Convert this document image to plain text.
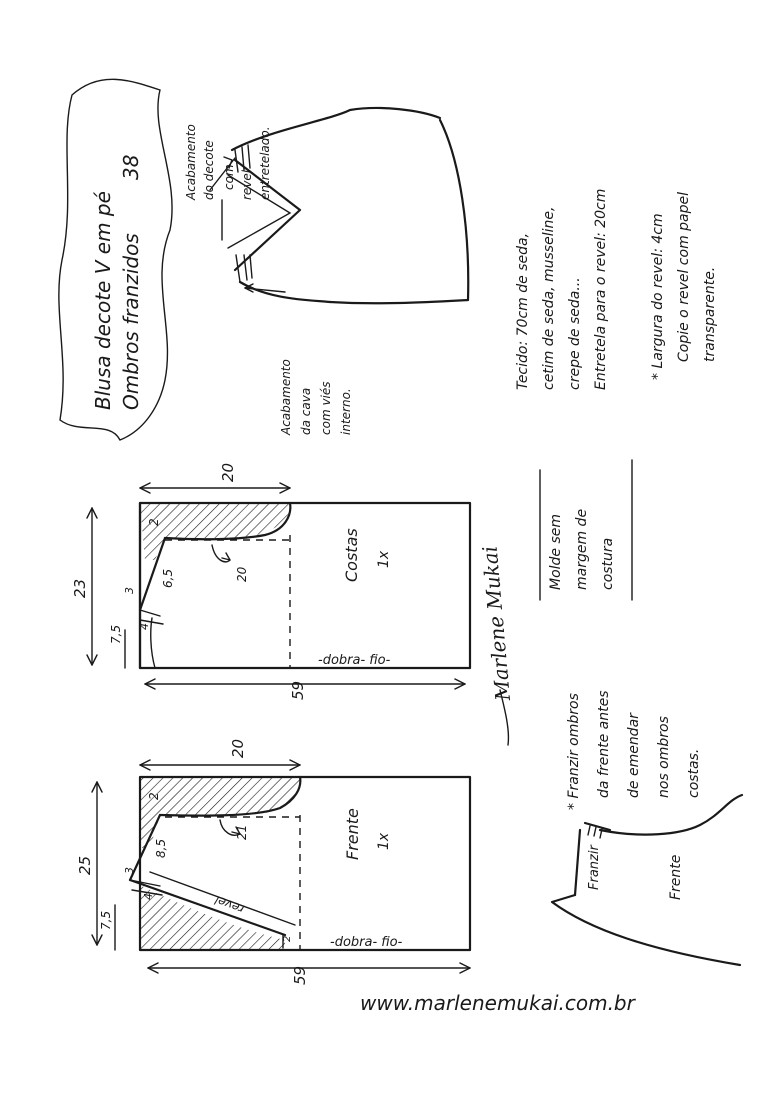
Blusa decote V em pé Ombros franzidos
38	Acabamento do decote com revel entretelado.
Acabamento da cava com viés interno.
Tecido: 70cm de seda, cetim de seda, musseline, crepe de seda... Entretela para o revel: 20cm	* Largura do revel: 4cm Copie o revel com papel transparente.
Molde sem margem de costura
20
23
59
2
6,5
3
7,5 4
20	Costas 1x
-dobra- fio-
20
25
59
2
8,5
3
7,5
4
21
revel
2
Frente 1x
-dobra- fio-
Marlene Mukai
* Franzir ombros da frente antes de emendar nos ombros costas.
Franzir	Frente
www.marlenemukai.com.br
